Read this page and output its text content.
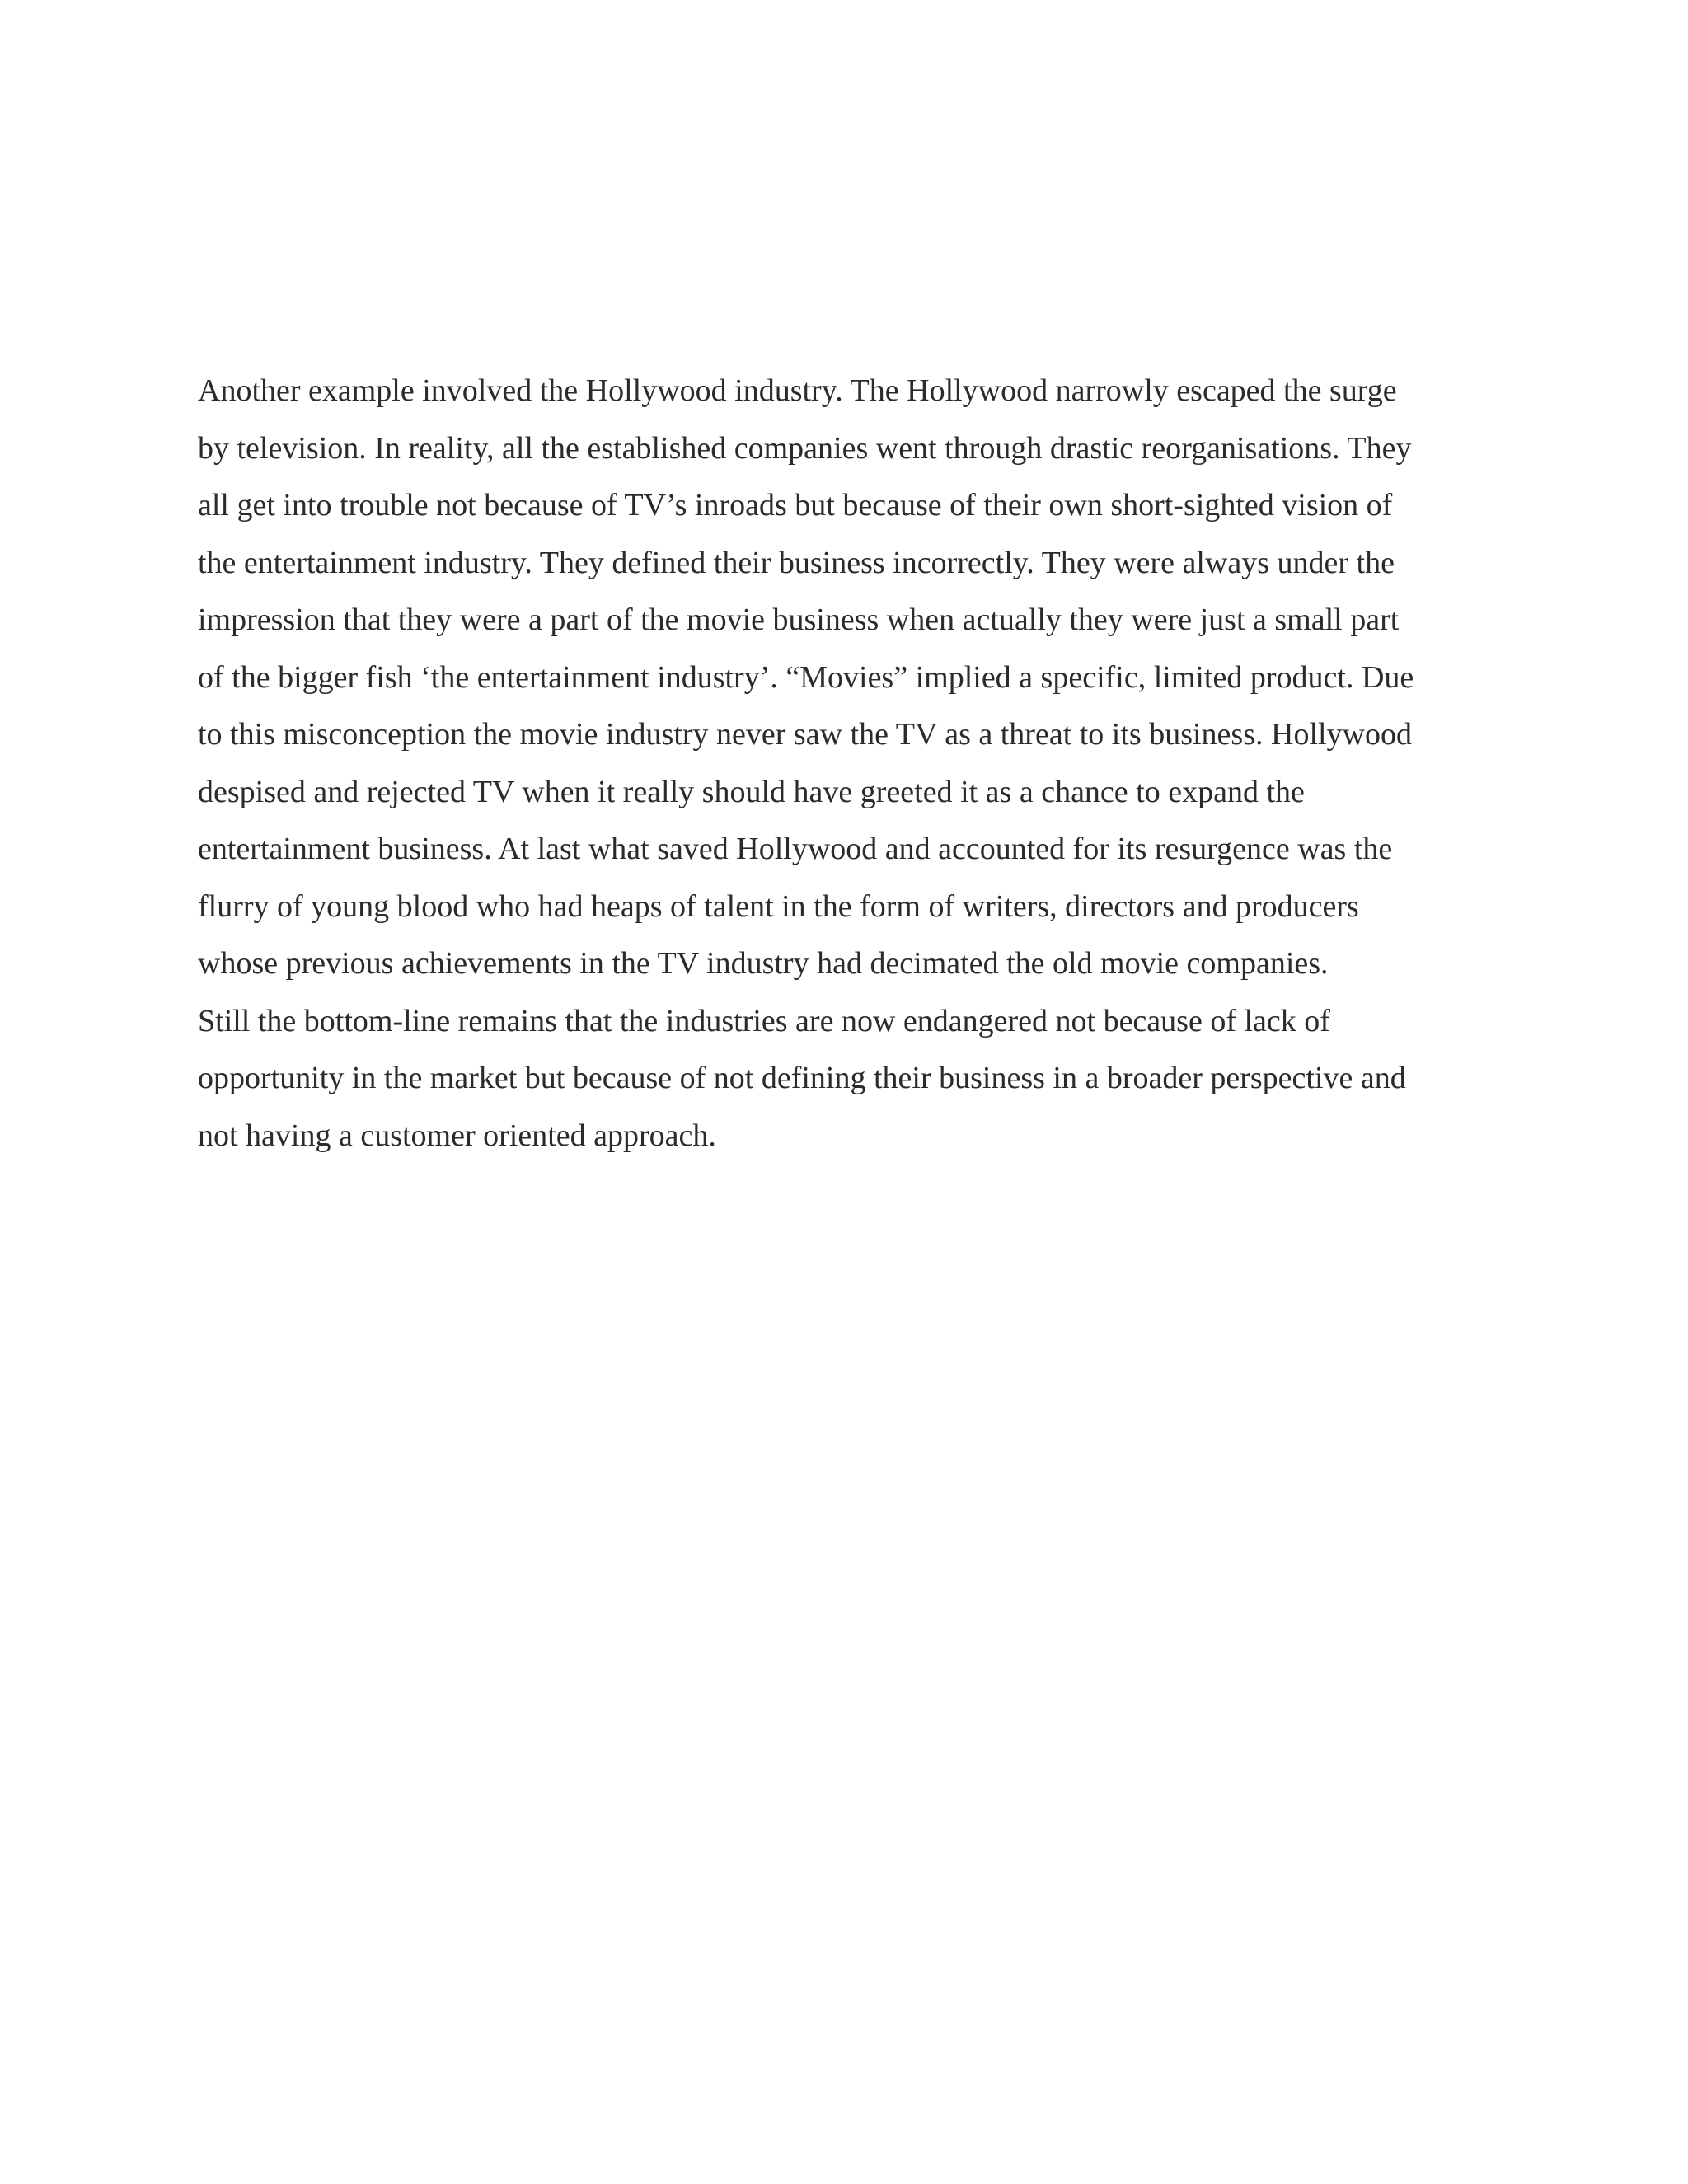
Another example involved the Hollywood industry. The Hollywood narrowly escaped the surge
by television. In reality, all the established companies went through drastic reorganisations. They
all get into trouble not because of TV’s inroads but because of their own short-sighted vision of
the entertainment industry. They defined their business incorrectly. They were always under the
impression that they were a part of the movie business when actually they were just a small part
of the bigger fish ‘the entertainment industry’. “Movies” implied a specific, limited product. Due
to this misconception the movie industry never saw the TV as a threat to its business. Hollywood
despised and rejected TV when it really should have greeted it as a chance to expand the
entertainment business. At last what saved Hollywood and accounted for its resurgence was the
flurry of young blood who had heaps of talent in the form of writers, directors and producers
whose previous achievements in the TV industry had decimated the old movie companies.
Still the bottom-line remains that the industries are now endangered not because of lack of
opportunity in the market but because of not defining their business in a broader perspective and
not having a customer oriented approach.
